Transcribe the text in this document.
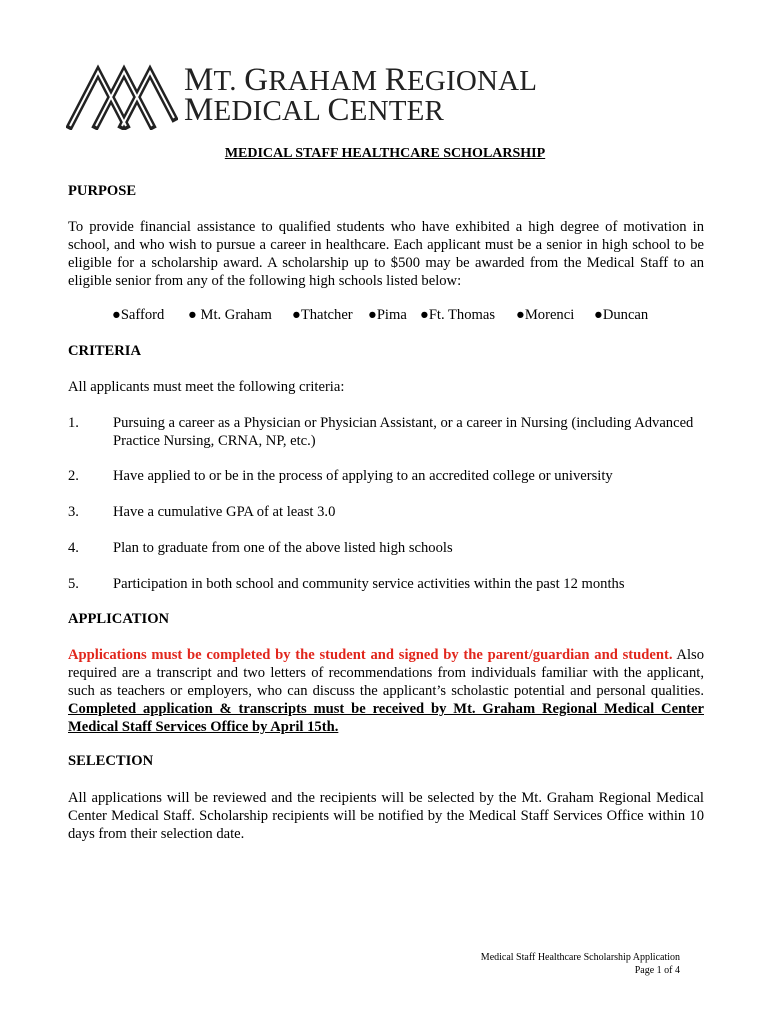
MT. GRAHAM REGIONAL
MEDICAL CENTER
MEDICAL STAFF HEALTHCARE SCHOLARSHIP
PURPOSE
To provide financial assistance to qualified students who have exhibited a high degree of motivation in school, and who wish to pursue a career in healthcare. Each applicant must be a senior in high school to be eligible for a scholarship award. A scholarship up to $500 may be awarded from the Medical Staff to an eligible senior from any of the following high schools listed below:
●Safford	● Mt. Graham	●Thatcher	●Pima ●Ft. Thomas	●Morenci	●Duncan
CRITERIA
All applicants must meet the following criteria:
1. Pursuing a career as a Physician or Physician Assistant, or a career in Nursing (including Advanced Practice Nursing, CRNA, NP, etc.)
2. Have applied to or be in the process of applying to an accredited college or university
3. Have a cumulative GPA of at least 3.0
4. Plan to graduate from one of the above listed high schools
5. Participation in both school and community service activities within the past 12 months
APPLICATION
Applications must be completed by the student and signed by the parent/guardian and student. Also required are a transcript and two letters of recommendations from individuals familiar with the applicant, such as teachers or employers, who can discuss the applicant’s scholastic potential and personal qualities. Completed application & transcripts must be received by Mt. Graham Regional Medical Center Medical Staff Services Office by April 15th.
SELECTION
All applications will be reviewed and the recipients will be selected by the Mt. Graham Regional Medical Center Medical Staff. Scholarship recipients will be notified by the Medical Staff Services Office within 10 days from their selection date.
Medical Staff Healthcare Scholarship Application
Page 1 of 4
